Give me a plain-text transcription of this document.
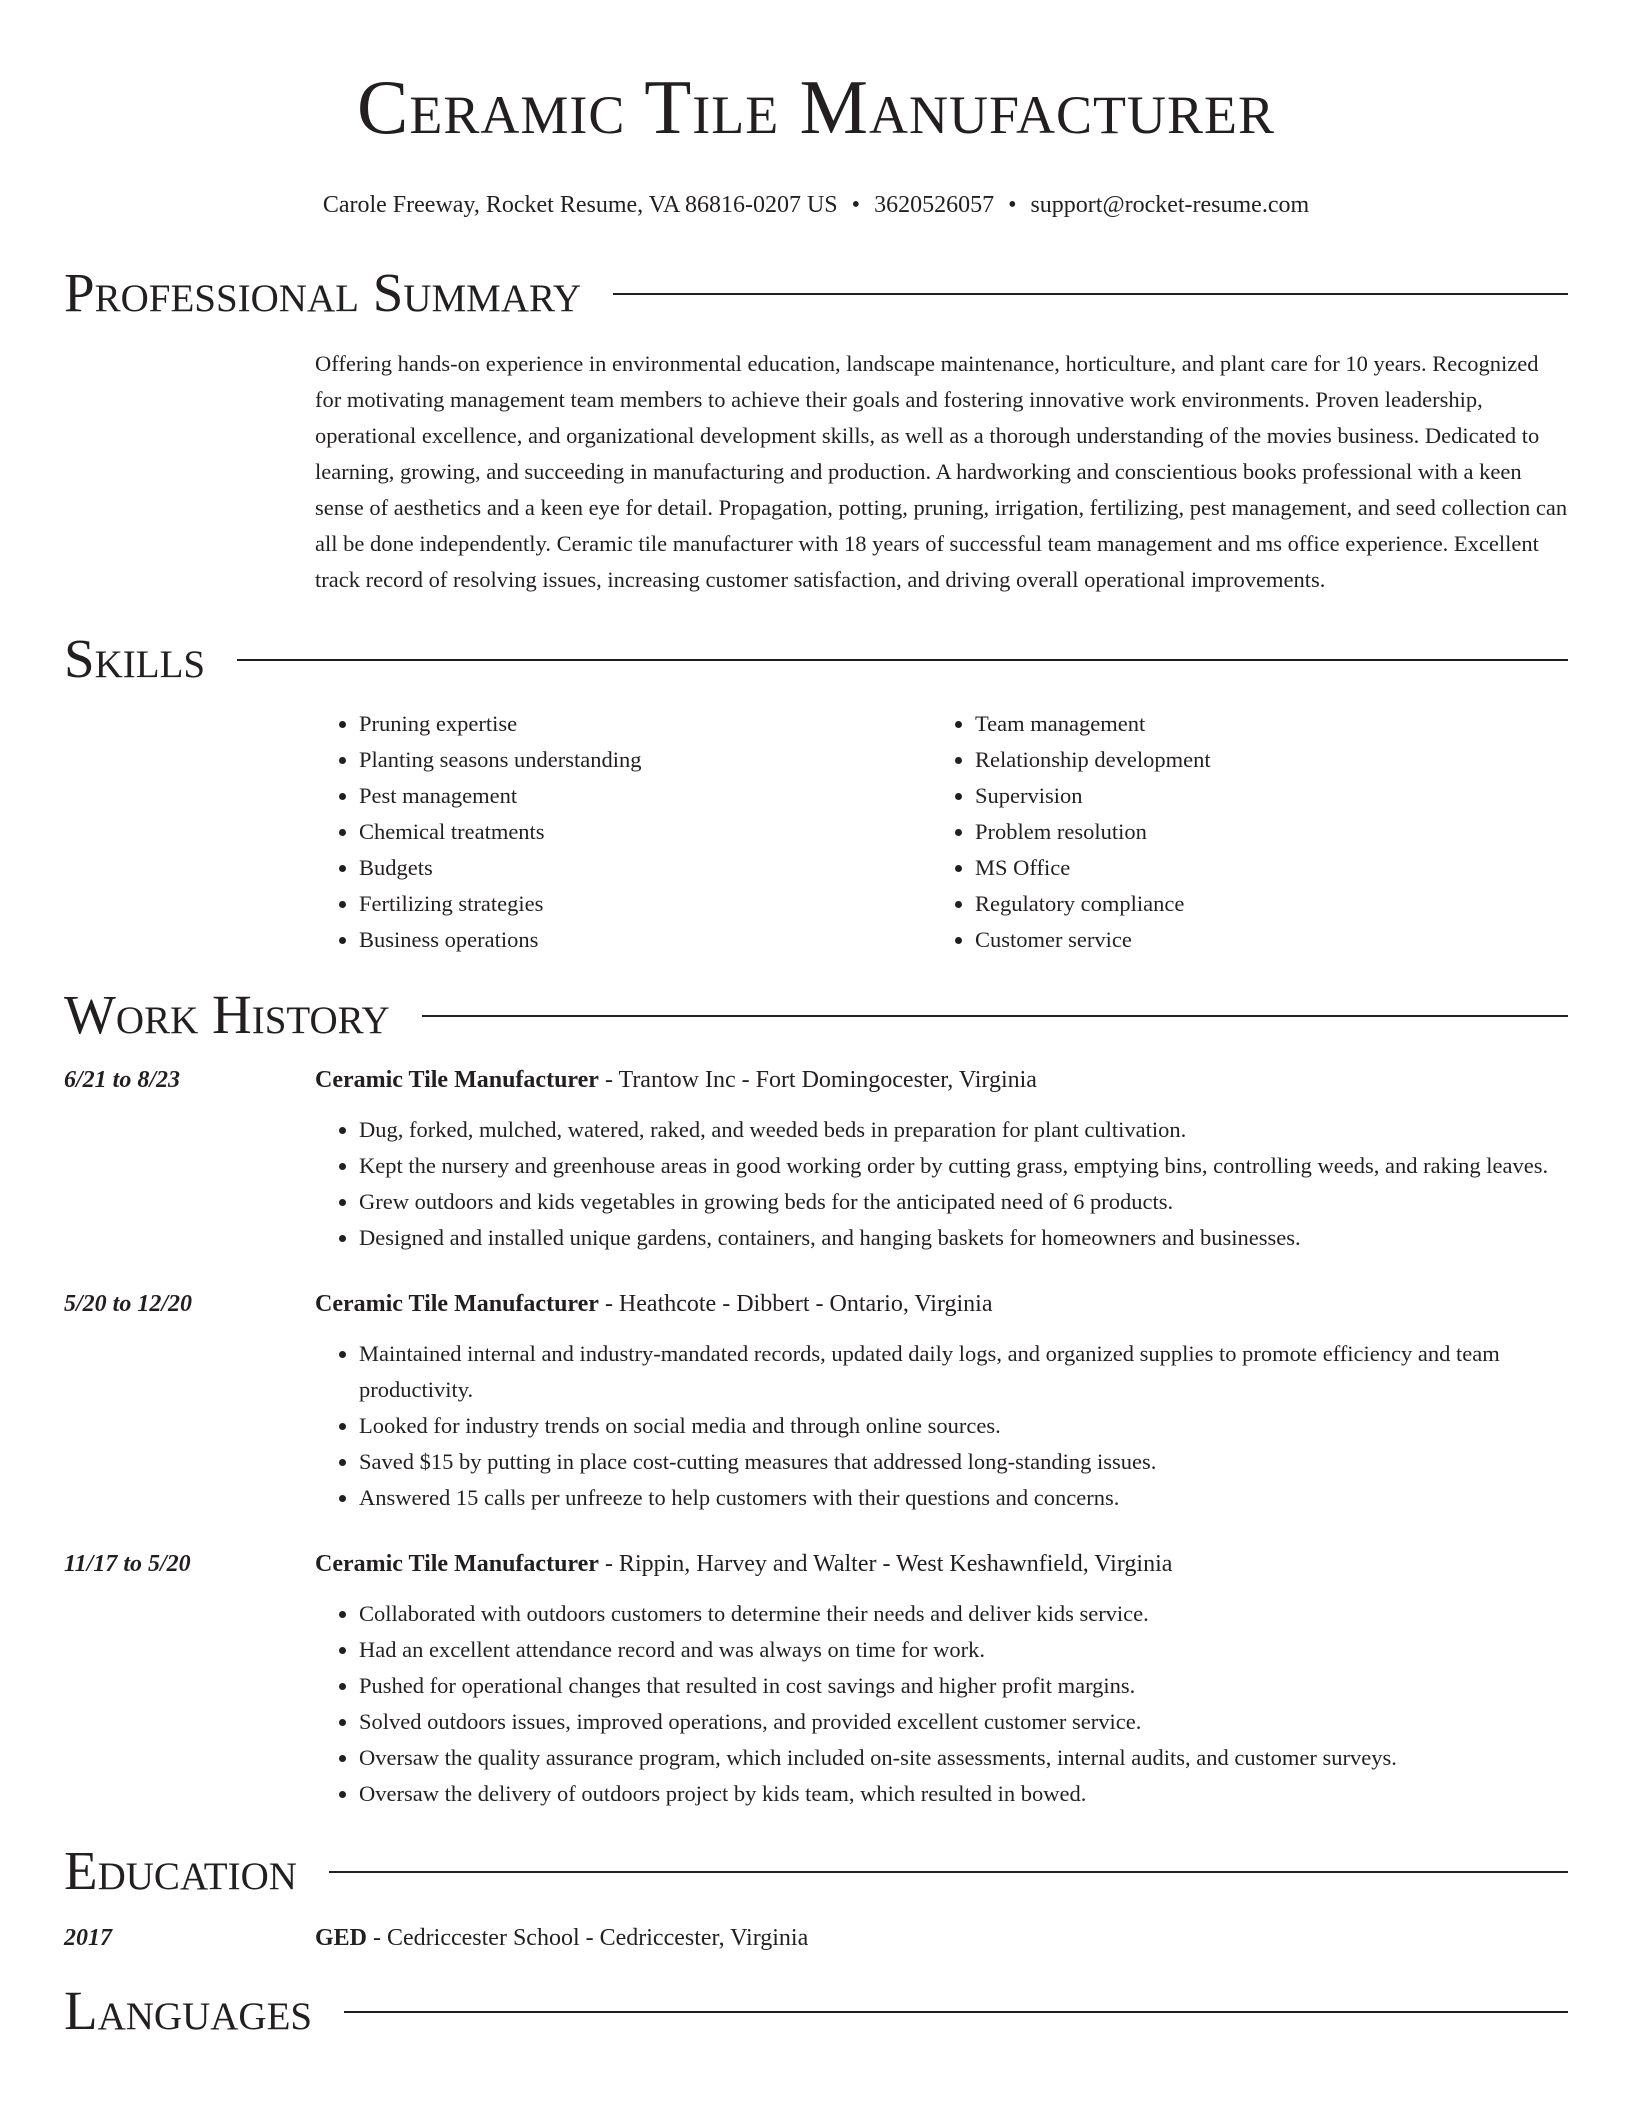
Ceramic Tile Manufacturer
Carole Freeway, Rocket Resume, VA 86816-0207 US • 3620526057 • support@rocket-resume.com
Professional Summary

Offering hands-on experience in environmental education, landscape maintenance, horticulture, and plant care for 10 years. Recognized for motivating management team members to achieve their goals and fostering innovative work environments. Proven leadership, operational excellence, and organizational development skills, as well as a thorough understanding of the movies business. Dedicated to learning, growing, and succeeding in manufacturing and production. A hardworking and conscientious books professional with a keen sense of aesthetics and a keen eye for detail. Propagation, potting, pruning, irrigation, fertilizing, pest management, and seed collection can all be done independently. Ceramic tile manufacturer with 18 years of successful team management and ms office experience. Excellent track record of resolving issues, increasing customer satisfaction, and driving overall operational improvements.

Skills
• Pruning expertise
• Planting seasons understanding
• Pest management
• Chemical treatments
• Budgets
• Fertilizing strategies
• Business operations
• Team management
• Relationship development
• Supervision
• Problem resolution
• MS Office
• Regulatory compliance
• Customer service
Work History
6/21 to 8/23	Ceramic Tile Manufacturer - Trantow Inc - Fort Domingocester, Virginia
• Dug, forked, mulched, watered, raked, and weeded beds in preparation for plant cultivation.
• Kept the nursery and greenhouse areas in good working order by cutting grass, emptying bins, controlling weeds, and raking leaves.
• Grew outdoors and kids vegetables in growing beds for the anticipated need of 6 products.
• Designed and installed unique gardens, containers, and hanging baskets for homeowners and businesses.
5/20 to 12/20	Ceramic Tile Manufacturer - Heathcote - Dibbert - Ontario, Virginia
• Maintained internal and industry-mandated records, updated daily logs, and organized supplies to promote efficiency and team productivity.
• Looked for industry trends on social media and through online sources.
• Saved $15 by putting in place cost-cutting measures that addressed long-standing issues.
• Answered 15 calls per unfreeze to help customers with their questions and concerns.
11/17 to 5/20	Ceramic Tile Manufacturer - Rippin, Harvey and Walter - West Keshawnfield, Virginia
• Collaborated with outdoors customers to determine their needs and deliver kids service.
• Had an excellent attendance record and was always on time for work.
• Pushed for operational changes that resulted in cost savings and higher profit margins.
• Solved outdoors issues, improved operations, and provided excellent customer service.
• Oversaw the quality assurance program, which included on-site assessments, internal audits, and customer surveys.
• Oversaw the delivery of outdoors project by kids team, which resulted in bowed.
Education
2017	GED - Cedriccester School - Cedriccester, Virginia
Languages
